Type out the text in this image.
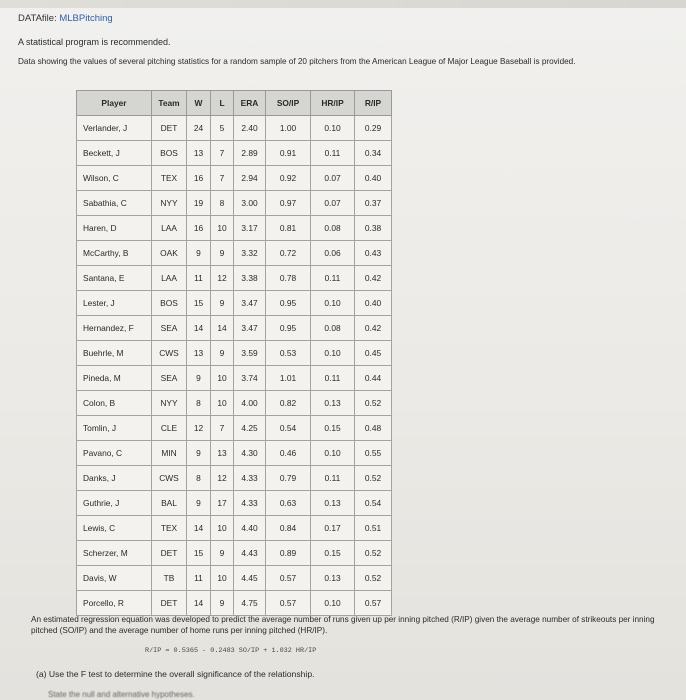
DATAfile: MLBPitching
A statistical program is recommended.
Data showing the values of several pitching statistics for a random sample of 20 pitchers from the American League of Major League Baseball is provided.
Player	Team	W	L	ERA	SO/IP	HR/IP	R/IP
Verlander, J	DET	24	5	2.40	1.00	0.10	0.29
Beckett, J	BOS	13	7	2.89	0.91	0.11	0.34
Wilson, C	TEX	16	7	2.94	0.92	0.07	0.40
Sabathia, C	NYY	19	8	3.00	0.97	0.07	0.37
Haren, D	LAA	16	10	3.17	0.81	0.08	0.38
McCarthy, B	OAK	9	9	3.32	0.72	0.06	0.43
Santana, E	LAA	11	12	3.38	0.78	0.11	0.42
Lester, J	BOS	15	9	3.47	0.95	0.10	0.40
Hernandez, F	SEA	14	14	3.47	0.95	0.08	0.42
Buehrle, M	CWS	13	9	3.59	0.53	0.10	0.45
Pineda, M	SEA	9	10	3.74	1.01	0.11	0.44
Colon, B	NYY	8	10	4.00	0.82	0.13	0.52
Tomlin, J	CLE	12	7	4.25	0.54	0.15	0.48
Pavano, C	MIN	9	13	4.30	0.46	0.10	0.55
Danks, J	CWS	8	12	4.33	0.79	0.11	0.52
Guthrie, J	BAL	9	17	4.33	0.63	0.13	0.54
Lewis, C	TEX	14	10	4.40	0.84	0.17	0.51
Scherzer, M	DET	15	9	4.43	0.89	0.15	0.52
Davis, W	TB	11	10	4.45	0.57	0.13	0.52
Porcello, R	DET	14	9	4.75	0.57	0.10	0.57
An estimated regression equation was developed to predict the average number of runs given up per inning pitched (R/IP) given the average number of strikeouts per inning pitched (SO/IP) and the average number of home runs per inning pitched (HR/IP).
R/IP = 0.5365 - 0.2483 SO/IP + 1.032 HR/IP
(a) Use the F test to determine the overall significance of the relationship.
State the null and alternative hypotheses.
